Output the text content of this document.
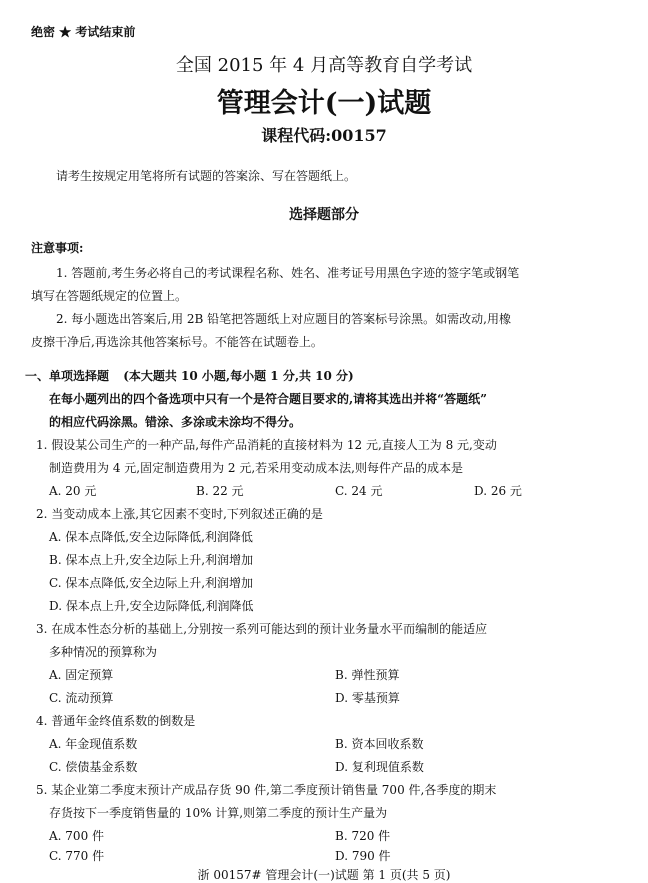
绝密 ★ 考试结束前
全国 2015 年 4 月高等教育自学考试
管理会计(一)试题
课程代码:00157
请考生按规定用笔将所有试题的答案涂、写在答题纸上。
选择题部分
注意事项:
1. 答题前,考生务必将自己的考试课程名称、姓名、准考证号用黑色字迹的签字笔或钢笔
填写在答题纸规定的位置上。
2. 每小题选出答案后,用 2B 铅笔把答题纸上对应题目的答案标号涂黑。如需改动,用橡
皮擦干净后,再选涂其他答案标号。不能答在试题卷上。
一、单项选择题 (本大题共 10 小题,每小题 1 分,共 10 分)
在每小题列出的四个备选项中只有一个是符合题目要求的,请将其选出并将“答题纸”
的相应代码涂黑。错涂、多涂或未涂均不得分。
1. 假设某公司生产的一种产品,每件产品消耗的直接材料为 12 元,直接人工为 8 元,变动
制造费用为 4 元,固定制造费用为 2 元,若采用变动成本法,则每件产品的成本是
A. 20 元	B. 22 元	C. 24 元	D. 26 元
2. 当变动成本上涨,其它因素不变时,下列叙述正确的是
A. 保本点降低,安全边际降低,利润降低
B. 保本点上升,安全边际上升,利润增加
C. 保本点降低,安全边际上升,利润增加
D. 保本点上升,安全边际降低,利润降低
3. 在成本性态分析的基础上,分别按一系列可能达到的预计业务量水平而编制的能适应
多种情况的预算称为
A. 固定预算	B. 弹性预算
C. 流动预算	D. 零基预算
4. 普通年金终值系数的倒数是
A. 年金现值系数	B. 资本回收系数
C. 偿债基金系数	D. 复利现值系数
5. 某企业第二季度末预计产成品存货 90 件,第二季度预计销售量 700 件,各季度的期末
存货按下一季度销售量的 10% 计算,则第二季度的预计生产量为
A. 700 件	B. 720 件
C. 770 件	D. 790 件
浙 00157# 管理会计(一)试题 第 1 页(共 5 页)
